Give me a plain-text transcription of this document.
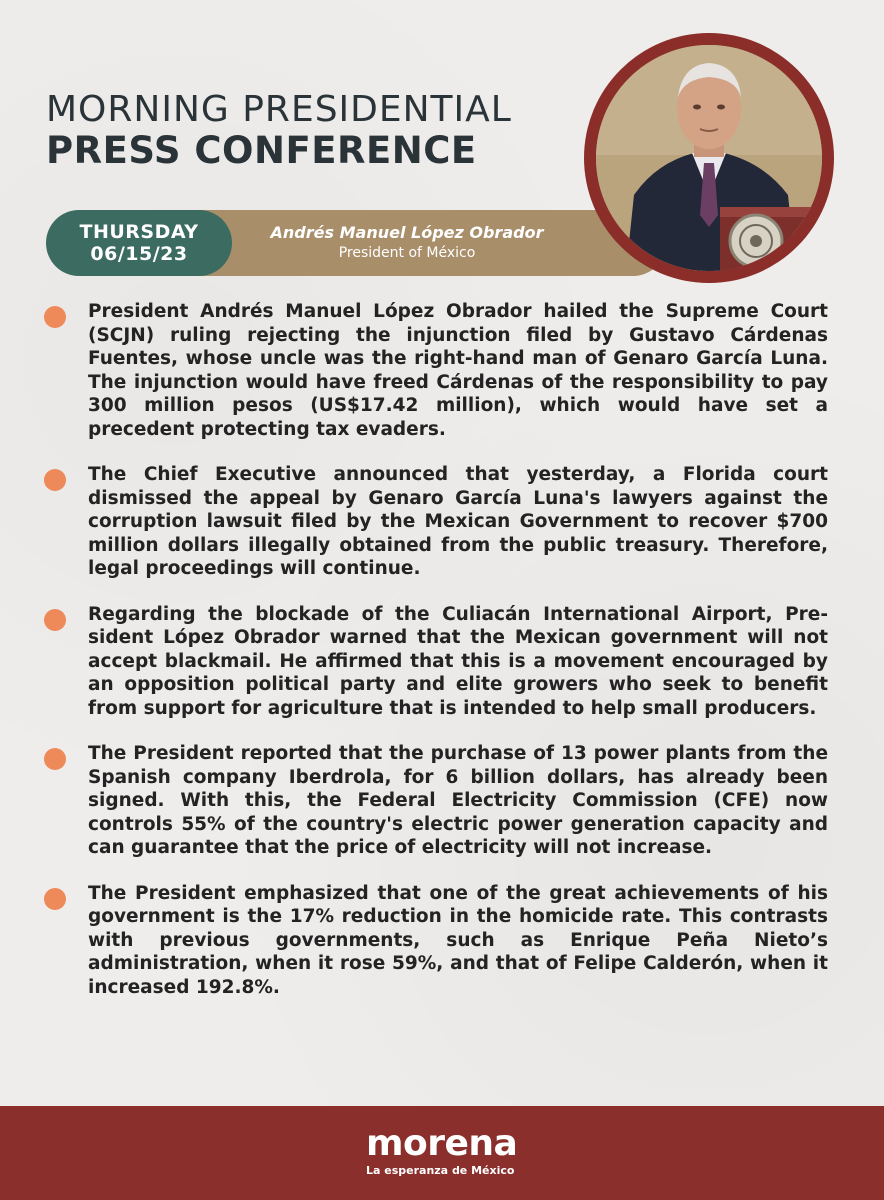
MORNING PRESIDENTIAL
PRESS CONFERENCE
THURSDAY
06/15/23
Andrés Manuel López Obrador
President of México
President Andrés Manuel López Obrador hailed the Supreme Court (SCJN) ruling rejecting the injunction filed by Gustavo Cárdenas Fuentes, whose uncle was the right-hand man of Genaro García Luna. The injunction would have freed Cárdenas of the responsibility to pay 300 million pesos (US$17.42 million), which would have set a precedent protecting tax evaders.
The Chief Executive announced that yesterday, a Florida court dismissed the appeal by Genaro García Luna's lawyers against the corruption lawsuit filed by the Mexican Government to recover $700 million dollars illegally obtained from the public treasury. Therefore, legal proceedings will continue.
Regarding the blockade of the Culiacán International Airport, President López Obrador warned that the Mexican government will not accept blackmail. He affirmed that this is a movement encouraged by an opposition political party and elite growers who seek to benefit from support for agriculture that is intended to help small producers.
The President reported that the purchase of 13 power plants from the Spanish company Iberdrola, for 6 billion dollars, has already been signed. With this, the Federal Electricity Commission (CFE) now controls 55% of the country's electric power generation capacity and can guarantee that the price of electricity will not increase.
The President emphasized that one of the great achievements of his government is the 17% reduction in the homicide rate. This contrasts with previous governments, such as Enrique Peña Nieto’s administration, when it rose 59%, and that of Felipe Calderón, when it increased 192.8%.
morena
La esperanza de México
